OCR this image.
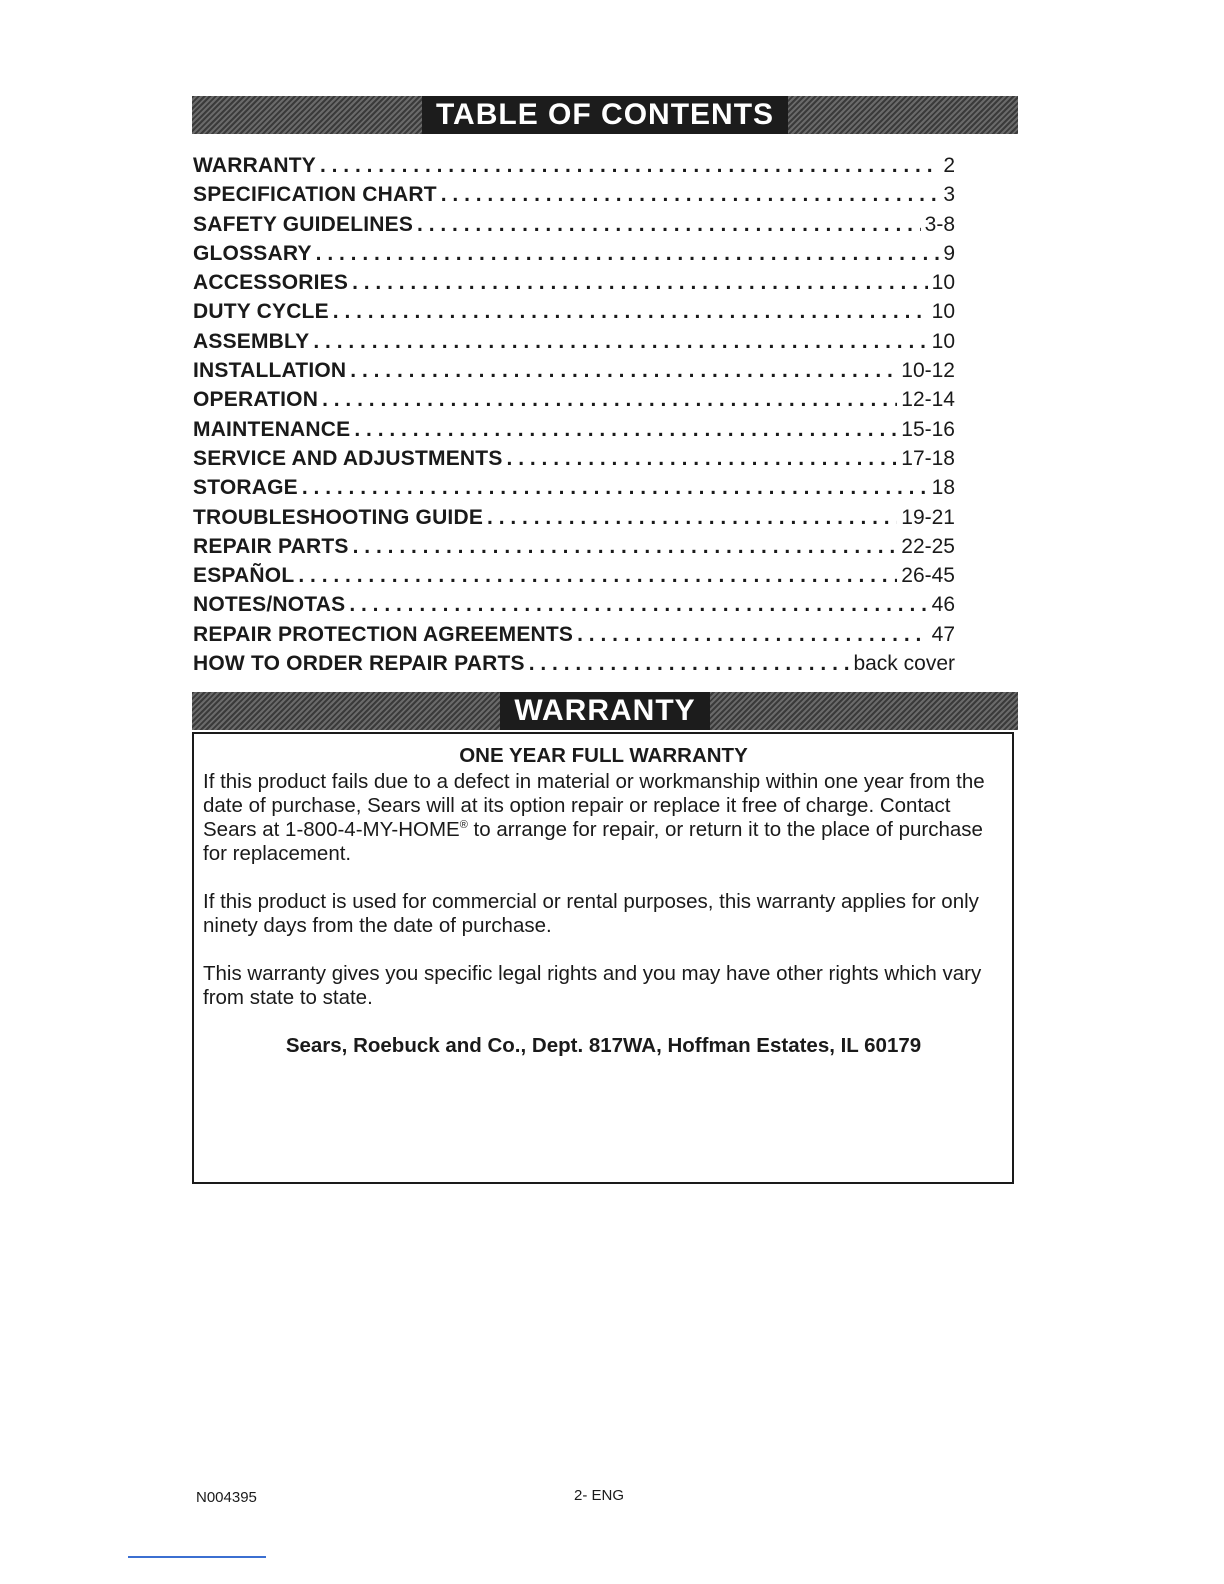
TABLE OF CONTENTS
WARRANTY . . .	2
SPECIFICATION CHART . . .	3
SAFETY GUIDELINES . . .	3-8
GLOSSARY . . .	9
ACCESSORIES . . .	10
DUTY CYCLE . . .	10
ASSEMBLY . . .	10
INSTALLATION . . .	10-12
OPERATION . . .	12-14
MAINTENANCE . . .	15-16
SERVICE AND ADJUSTMENTS . . .	17-18
STORAGE . . .	18
TROUBLESHOOTING GUIDE . . .	19-21
REPAIR PARTS . . .	22-25
ESPAÑOL . . .	26-45
NOTES/NOTAS . . .	46
REPAIR PROTECTION AGREEMENTS . . .	47
HOW TO ORDER REPAIR PARTS . . .	back cover
WARRANTY

ONE YEAR FULL WARRANTY

If this product fails due to a defect in material or workmanship within one year from the date of purchase, Sears will at its option repair or replace it free of charge. Contact Sears at 1-800-4-MY-HOME® to arrange for repair, or return it to the place of purchase for replacement.

If this product is used for commercial or rental purposes, this warranty applies for only ninety days from the date of purchase.

This warranty gives you specific legal rights and you may have other rights which vary from state to state.

Sears, Roebuck and Co., Dept. 817WA, Hoffman Estates, IL 60179

N004395	2- ENG
